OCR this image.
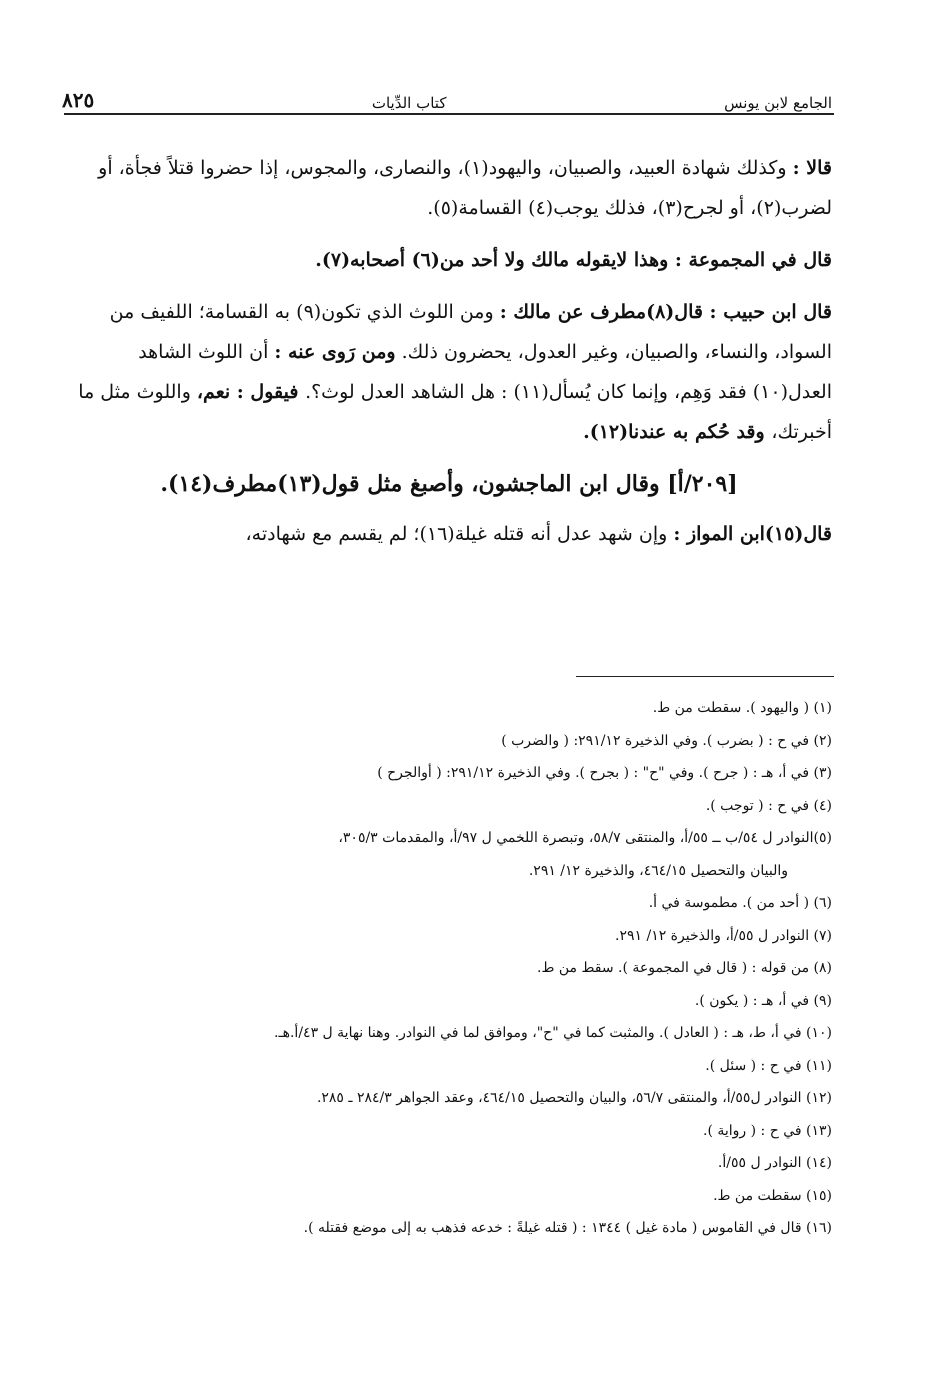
الجامع لابن يونس
كتاب الدِّيات
٨٢٥

قالا : وكذلك شهادة العبيد، والصبيان، واليهود(١)، والنصارى، والمجوس، إذا حضروا قتلاً فجأة، أو لضرب(٢)، أو لجرح(٣)، فذلك يوجب(٤) القسامة(٥).

قال في المجموعة : وهذا لايقوله مالك ولا أحد من(٦) أصحابه(٧).

قال ابن حبيب : قال(٨)مطرف عن مالك : ومن اللوث الذي تكون(٩) به القسامة؛ اللفيف من السواد، والنساء، والصبيان، وغير العدول، يحضرون ذلك. ومن رَوى عنه : أن اللوث الشاهد العدل(١٠) فقد وَهِم، وإنما كان يُسأل(١١) : هل الشاهد العدل لوث؟. فيقول : نعم، واللوث مثل ما أخبرتك، وقد حُكم به عندنا(١٢).

[٢٠٩/أ] وقال ابن الماجشون، وأصبغ مثل قول(١٣)مطرف(١٤).

قال(١٥)ابن المواز : وإن شهد عدل أنه قتله غيلة(١٦)؛ لم يقسم مع شهادته،

(١) ( واليهود ). سقطت من ط.

(٢) في ح : ( بضرب ). وفي الذخيرة ٢٩١/١٢: ( والضرب )

(٣) في أ، هـ : ( جرح ). وفي "ح" : ( بجرح ). وفي الذخيرة ٢٩١/١٢: ( أوالجرح )

(٤) في ح : ( توجب ).

(٥)النوادر ل ٥٤/ب ــ ٥٥/أ، والمنتقى ٥٨/٧، وتبصرة اللخمي ل ٩٧/أ، والمقدمات ٣٠٥/٣،

والبيان والتحصيل ٤٦٤/١٥، والذخيرة ١٢/ ٢٩١.

(٦) ( أحد من ). مطموسة في أ.

(٧) النوادر ل ٥٥/أ، والذخيرة ١٢/ ٢٩١.

(٨) من قوله : ( قال في المجموعة ). سقط من ط.

(٩) في أ، هـ : ( يكون ).

(١٠) في أ، ط، هـ : ( العادل ). والمثبت كما في "ح"، وموافق لما في النوادر. وهنا نهاية ل ٤٣/أ.هـ.

(١١) في ح : ( سئل ).

(١٢) النوادر ل٥٥/أ، والمنتقى ٥٦/٧، والبيان والتحصيل ٤٦٤/١٥، وعقد الجواهر ٢٨٤/٣ ـ ٢٨٥.

(١٣) في ح : ( رواية ).

(١٤) النوادر ل ٥٥/أ.

(١٥) سقطت من ط.

(١٦) قال في القاموس ( مادة غيل ) ١٣٤٤ : ( قتله غيلةً : خدعه فذهب به إلى موضع فقتله ).
